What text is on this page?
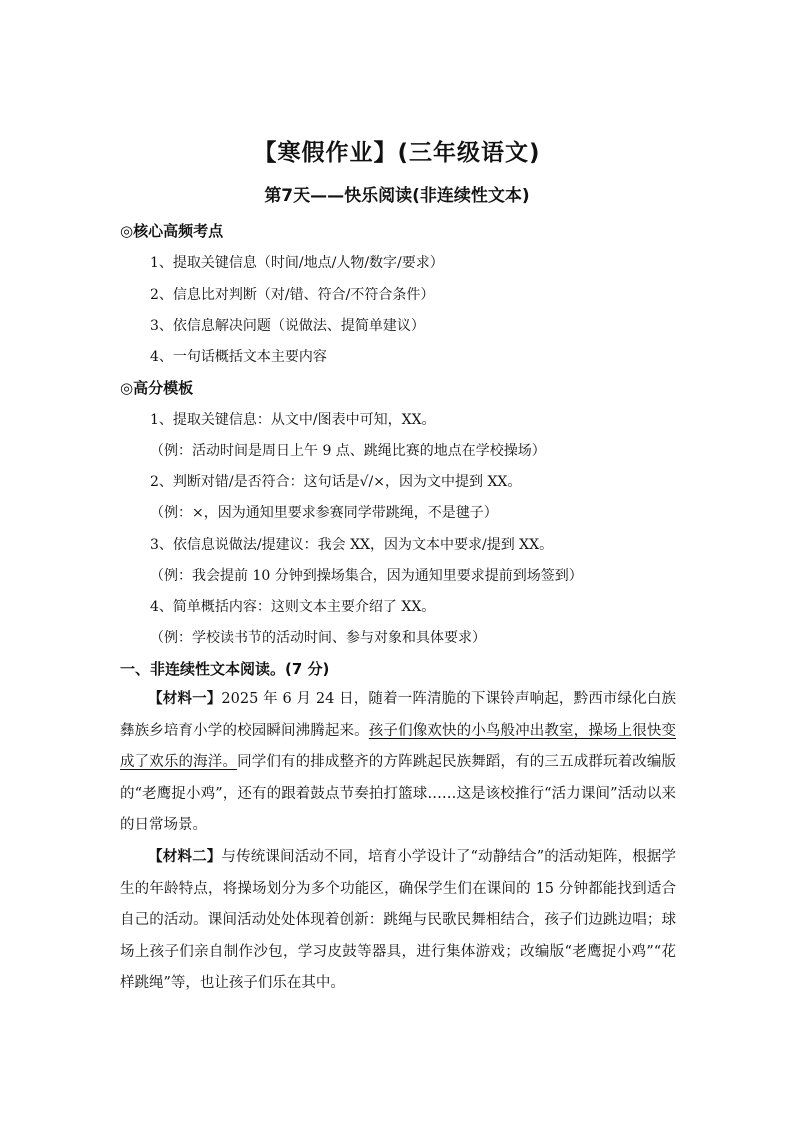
【寒假作业】(三年级语文)
第7天——快乐阅读(非连续性文本)
◎核心高频考点
1、提取关键信息（时间/地点/人物/数字/要求）
2、信息比对判断（对/错、符合/不符合条件）
3、依信息解决问题（说做法、提简单建议）
4、一句话概括文本主要内容
◎高分模板
1、提取关键信息：从文中/图表中可知，XX。
（例：活动时间是周日上午 9 点、跳绳比赛的地点在学校操场）
2、判断对错/是否符合：这句话是√/×，因为文中提到 XX。
（例：×，因为通知里要求参赛同学带跳绳，不是毽子）
3、依信息说做法/提建议：我会 XX，因为文本中要求/提到 XX。
（例：我会提前 10 分钟到操场集合，因为通知里要求提前到场签到）
4、简单概括内容：这则文本主要介绍了 XX。
（例：学校读书节的活动时间、参与对象和具体要求）
一、非连续性文本阅读。(7 分)
【材料一】2025 年 6 月 24 日，随着一阵清脆的下课铃声响起，黔西市绿化白族彝族乡培育小学的校园瞬间沸腾起来。孩子们像欢快的小鸟般冲出教室，操场上很快变成了欢乐的海洋。同学们有的排成整齐的方阵跳起民族舞蹈，有的三五成群玩着改编版的“老鹰捉小鸡”，还有的跟着鼓点节奏拍打篮球……这是该校推行“活力课间”活动以来的日常场景。
【材料二】与传统课间活动不同，培育小学设计了“动静结合”的活动矩阵，根据学生的年龄特点，将操场划分为多个功能区，确保学生们在课间的 15 分钟都能找到适合自己的活动。课间活动处处体现着创新：跳绳与民歌民舞相结合，孩子们边跳边唱；球场上孩子们亲自制作沙包，学习皮鼓等器具，进行集体游戏；改编版“老鹰捉小鸡”“花样跳绳”等，也让孩子们乐在其中。
